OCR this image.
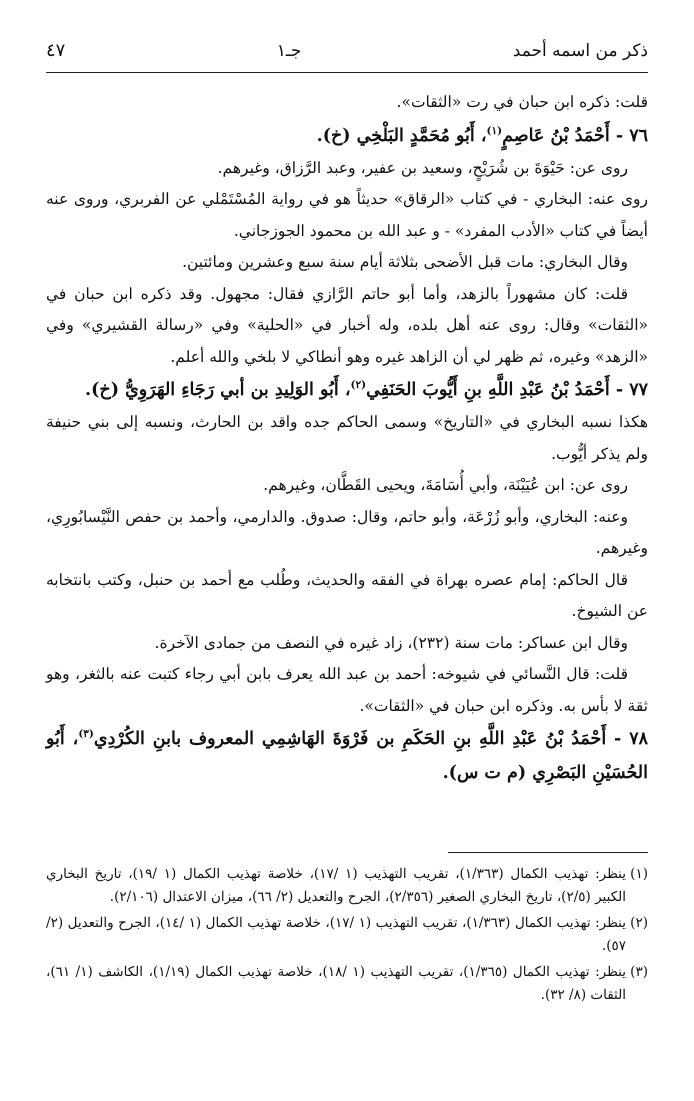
ذكر من اسمه أحمد
جـ١
٤٧

قلت: ذكره ابن حبان في رت «الثقات».

٧٦ - أَحْمَدُ بْنُ عَاصِمٍ$^{(١)}$، أَبُو مُحَمَّدٍ البَلْخِي (خ).

روى عن: حَيْوَةَ بن شُرَيْحٍ، وسعيد بن عفير، وعبد الرَّزاق، وغيرهم.

روى عنه: البخاري - في كتاب «الرقاق» حديثاً هو في رواية المُسْتَمْلي عن الفربري، وروى عنه أيضاً في كتاب «الأدب المفرد» - و عبد الله بن محمود الجوزجاني.

وقال البخاري: مات قبل الأضحى بثلاثة أيام سنة سبع وعشرين ومائتين.

قلت: كان مشهوراً بالزهد، وأما أبو حاتم الرَّازي فقال: مجهول. وقد ذكره ابن حبان في «الثقات» وقال: روى عنه أهل بلده، وله أخبار في «الحلية» وفي «رسالة القشيري» وفي «الزهد» وغيره، ثم ظهر لي أن الزاهد غيره وهو أنطاكي لا بلخي والله أعلم.

٧٧ - أَحْمَدُ بْنُ عَبْدِ اللَّهِ بنِ أَيُّوبَ الحَنَفِي$^{(٢)}$، أَبُو الوَلِيدِ بن أبي رَجَاءِ الهَرَوِيُّ (خ).

هكذا نسبه البخاري في «التاريخ» وسمى الحاكم جده واقد بن الحارث، ونسبه إلى بني حنيفة ولم يذكر أيُّوب.

روى عن: ابن عُيَيْنَة، وأبي أُسَامَةَ، ويحيى القَطَّان، وغيرهم.

وعنه: البخاري، وأبو زُرْعَة، وأبو حاتم، وقال: صدوق. والدارمي، وأحمد بن حفص النَّيْسابُورِي، وغيرهم.

قال الحاكم: إمام عصره بهراة في الفقه والحديث، وطُلب مع أحمد بن حنبل، وكتب بانتخابه عن الشيوخ.

وقال ابن عساكر: مات سنة (٢٣٢)، زاد غيره في النصف من جمادى الآخرة.

قلت: قال النَّسائي في شيوخه: أحمد بن عبد الله يعرف بابن أبي رجاء كتبت عنه بالثغر، وهو ثقة لا بأس به. وذكره ابن حبان في «الثقات».

٧٨ - أَحْمَدُ بْنُ عَبْدِ اللَّهِ بنِ الحَكَمِ بن فَرْوَةَ الهَاشِمِي المعروف بابنِ الكُرْدِي$^{(٣)}$، أَبُو الحُسَيْنِ البَصْرِي (م ت س).

(١)
ينظر: تهذيب الكمال (١/٣٦٣)، تقريب التهذيب (١ /١٧)، خلاصة تهذيب الكمال (١ /١٩)، تاريخ البخاري الكبير (٢/٥)، تاريخ البخاري الصغير (٢/٣٥٦)، الجرح والتعديل (٢/ ٦٦)، ميزان الاعتدال (٢/١٠٦).
(٢)
ينظر: تهذيب الكمال (١/٣٦٣)، تقريب التهذيب (١ /١٧)، خلاصة تهذيب الكمال (١ /١٤)، الجرح والتعديل (٢/ ٥٧).
(٣)
ينظر: تهذيب الكمال (١/٣٦٥)، تقريب التهذيب (١ /١٨)، خلاصة تهذيب الكمال (١/١٩)، الكاشف (١/ ٦١)، الثقات (٨/ ٣٢).
